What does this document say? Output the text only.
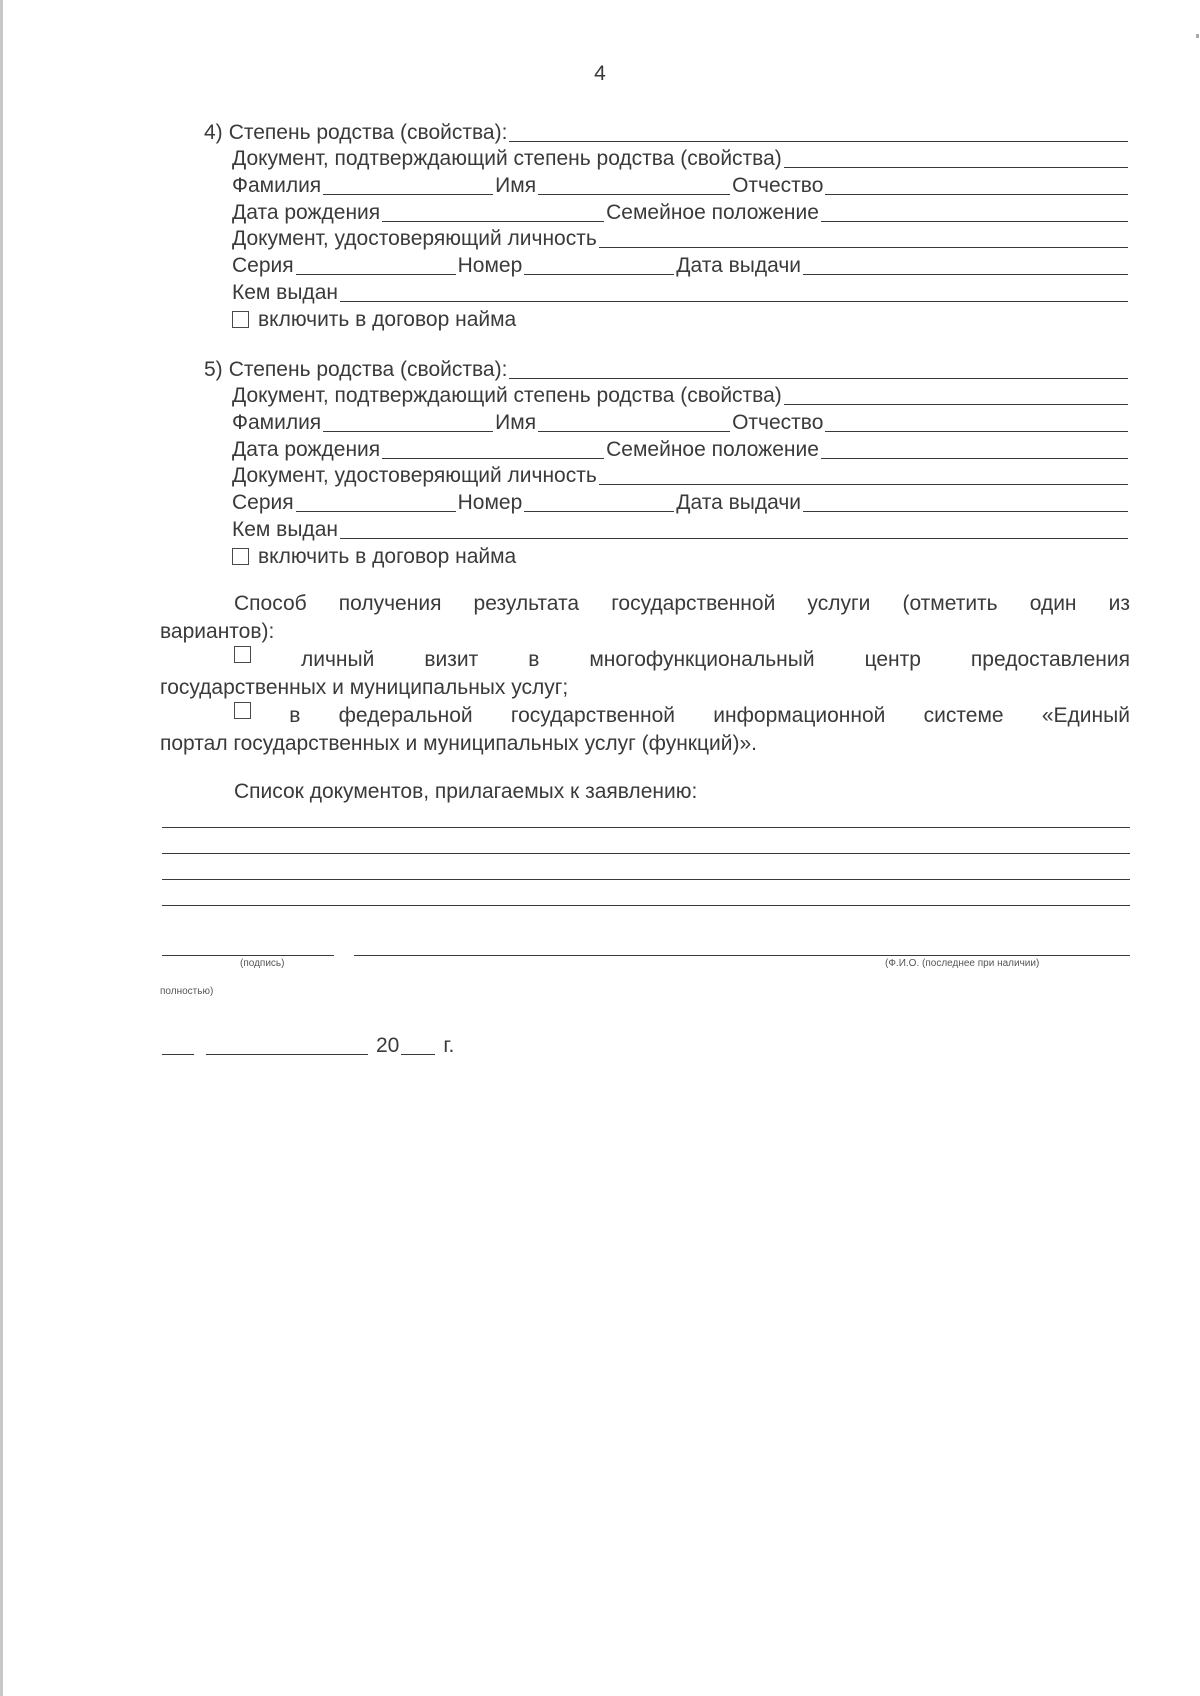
4
4) Степень родства (свойства):
Документ, подтверждающий степень родства (свойства)
Фамилия	Имя	Отчество
Дата рождения	Семейное положение
Документ, удостоверяющий личность
Серия	Номер	Дата выдачи
Кем выдан
включить в договор найма
5) Степень родства (свойства):
Документ, подтверждающий степень родства (свойства)
Фамилия	Имя	Отчество
Дата рождения	Семейное положение
Документ, удостоверяющий личность
Серия	Номер	Дата выдачи
Кем выдан
включить в договор найма
Способ получения результата государственной услуги (отметить один из
вариантов):
личный визит в многофункциональный центр предоставления
государственных и муниципальных услуг;
в федеральной государственной информационной системе «Единый
портал государственных и муниципальных услуг (функций)».
Список документов, прилагаемых к заявлению:
(подпись)	(Ф.И.О. (последнее при наличии)
полностью)
20 г.
